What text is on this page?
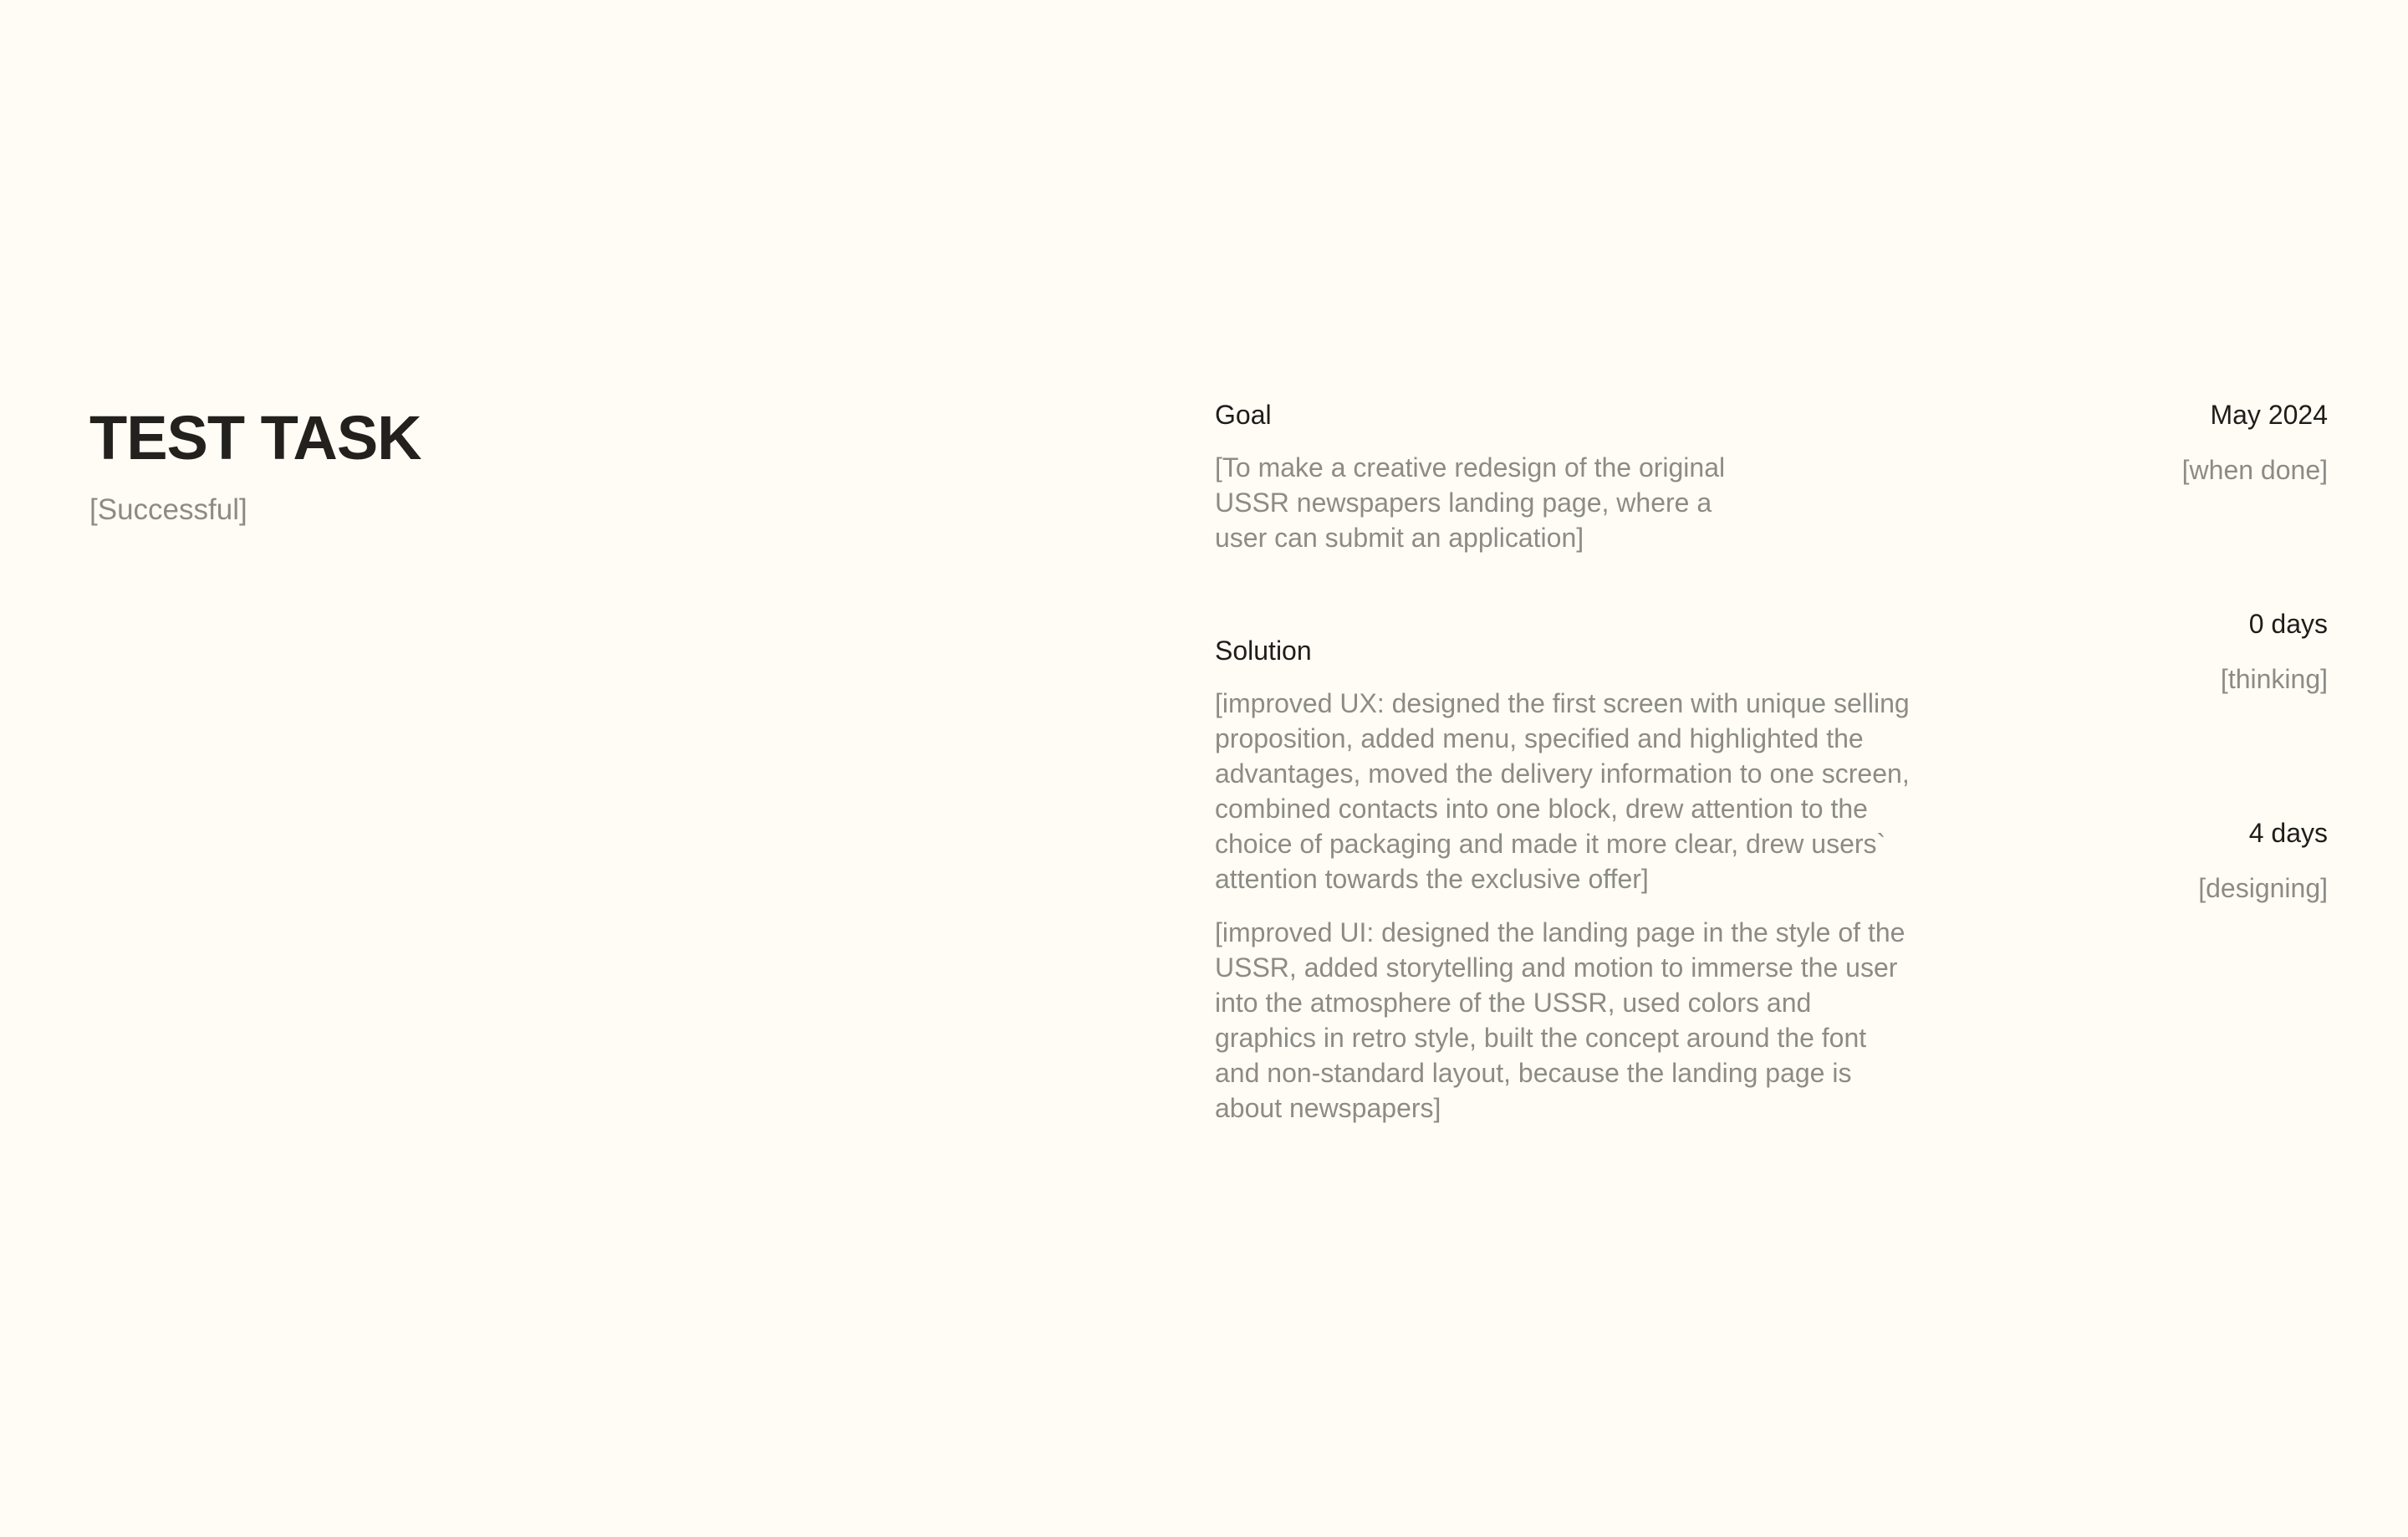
TEST TASK
[Successful]
Goal
[To make a creative redesign of the original USSR newspapers landing page, where a user can submit an application]
Solution
[improved UX: designed the first screen with unique selling proposition, added menu, specified and highlighted the advantages, moved the delivery information to one screen, combined contacts into one block, drew attention to the choice of packaging and made it more clear, drew users` attention towards the exclusive offer]
[improved UI: designed the landing page in the style of the USSR, added storytelling and motion to immerse the user into the atmosphere of the USSR, used colors and graphics in retro style, built the concept around the font and non-standard layout, because the landing page is about newspapers]
May 2024
[when done]
0 days
[thinking]
4 days
[designing]
